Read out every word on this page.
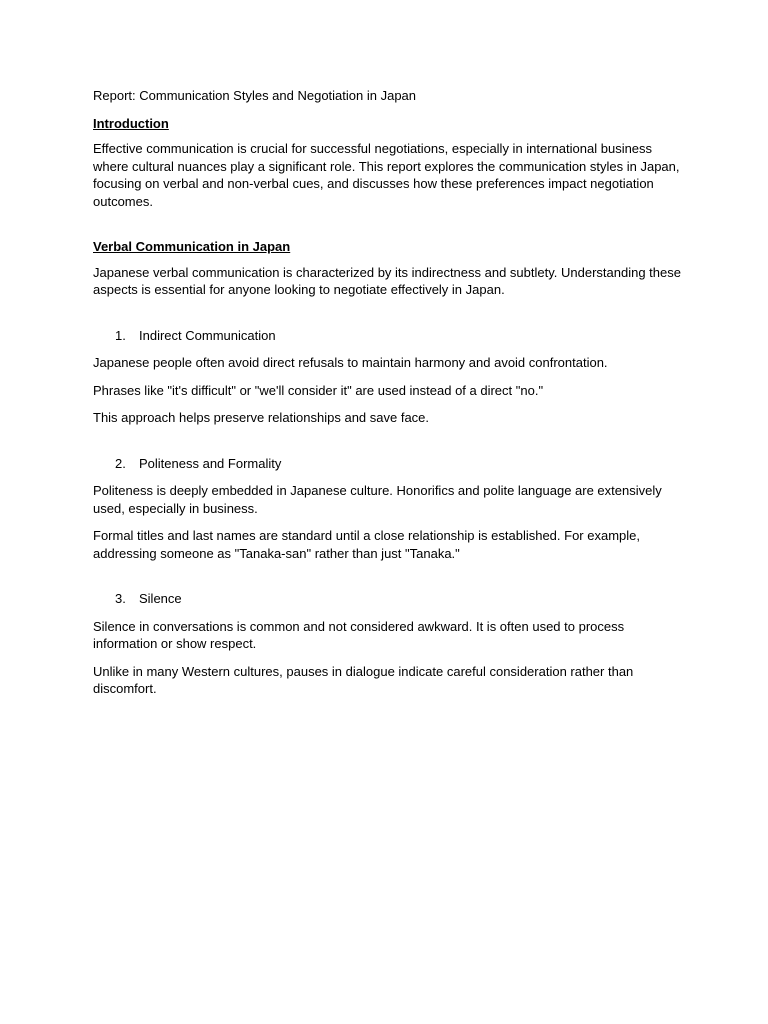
Report: Communication Styles and Negotiation in Japan

Introduction

Effective communication is crucial for successful negotiations, especially in international business where cultural nuances play a significant role. This report explores the communication styles in Japan, focusing on verbal and non-verbal cues, and discusses how these preferences impact negotiation outcomes.

Verbal Communication in Japan

Japanese verbal communication is characterized by its indirectness and subtlety. Understanding these aspects is essential for anyone looking to negotiate effectively in Japan.

1.	Indirect Communication

Japanese people often avoid direct refusals to maintain harmony and avoid confrontation.

Phrases like "it's difficult" or "we'll consider it" are used instead of a direct "no."

This approach helps preserve relationships and save face.

2.	Politeness and Formality

Politeness is deeply embedded in Japanese culture. Honorifics and polite language are extensively used, especially in business.

Formal titles and last names are standard until a close relationship is established. For example, addressing someone as "Tanaka-san" rather than just "Tanaka."

3.	Silence

Silence in conversations is common and not considered awkward. It is often used to process information or show respect.

Unlike in many Western cultures, pauses in dialogue indicate careful consideration rather than discomfort.
